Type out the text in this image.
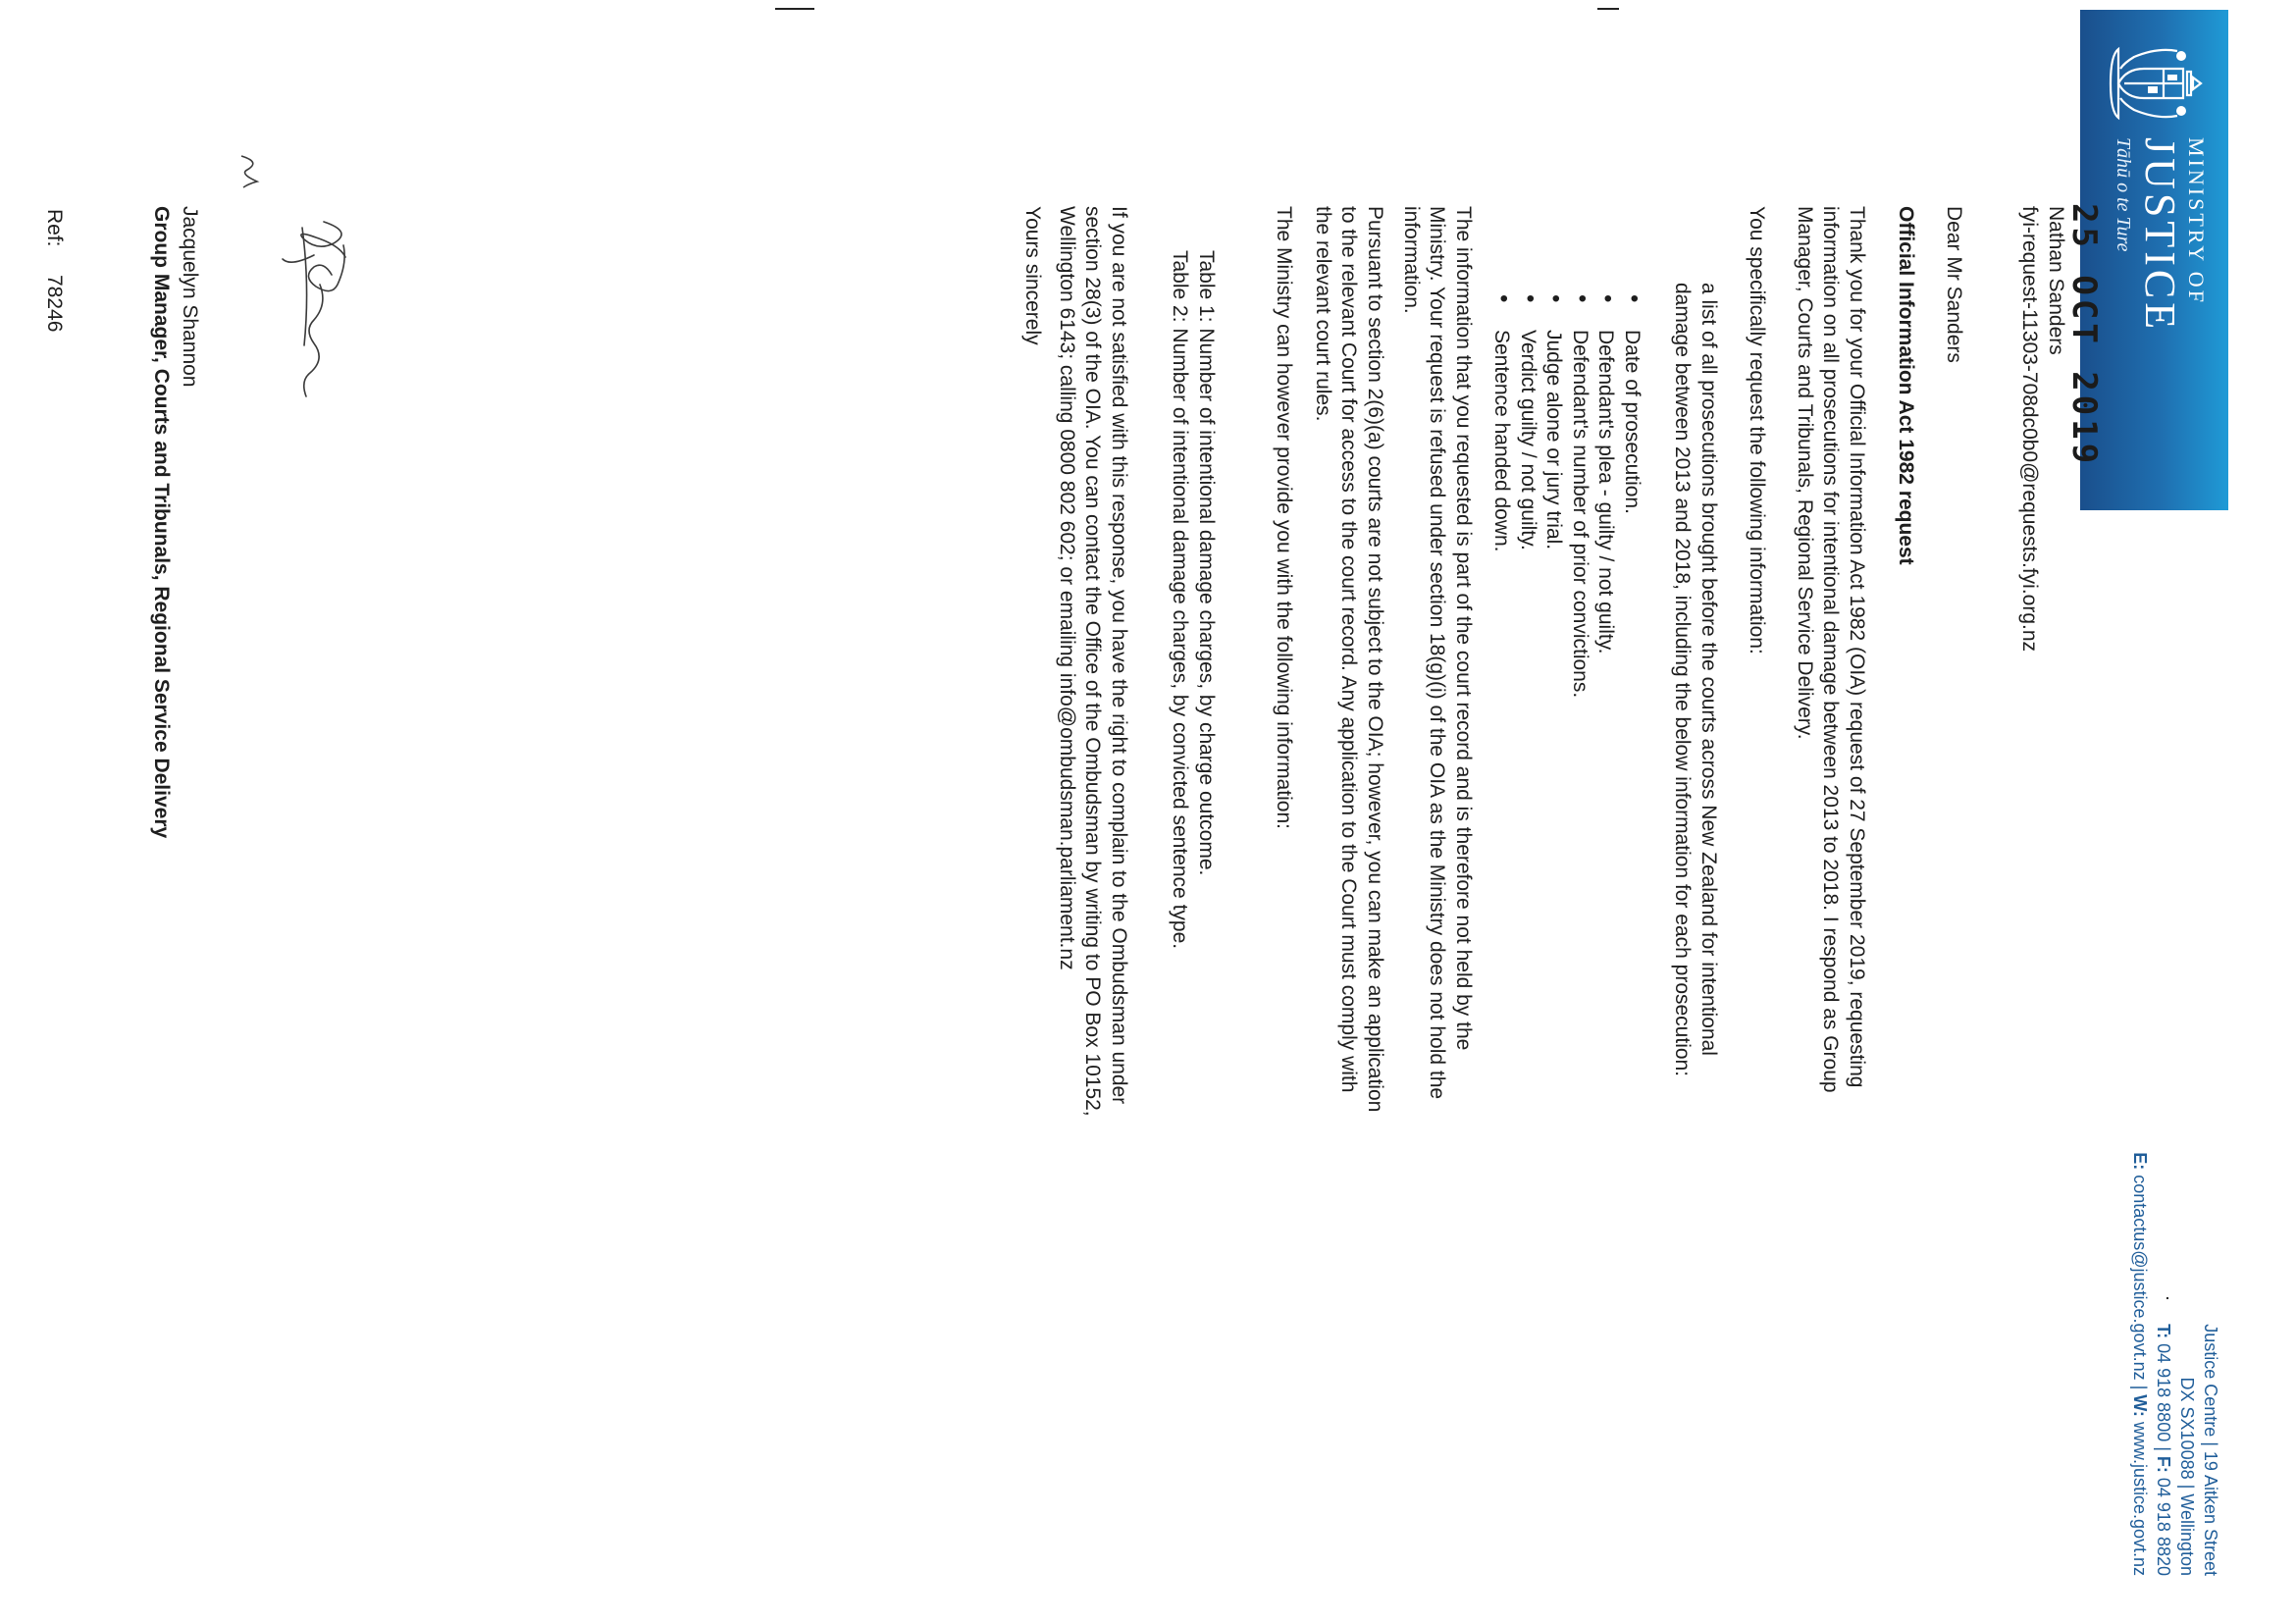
MINISTRY OF
JUSTICE
Tāhū o te Ture
Justice Centre | 19 Aitken Street
DX SX10088 | Wellington
T: 04 918 8800 | F: 04 918 8820
E: contactus@justice.govt.nz | W: www.justice.govt.nz
25 OCT 2019

Nathan Sanders

fyi-request-11303-708dc0b0@requests.fyi.org.nz

Dear Mr Sanders
Official Information Act 1982 request

Thank you for your Official Information Act 1982 (OIA) request of 27 September 2019, requesting

information on all prosecutions for intentional damage between 2013 to 2018. I respond as Group

Manager, Courts and Tribunals, Regional Service Delivery.

You specifically request the following information:

a list of all prosecutions brought before the courts across New Zealand for intentional

damage between 2013 and 2018, including the below information for each prosecution:

• Date of prosecution.
• Defendant's plea - guilty / not guilty.
• Defendant's number of prior convictions.
• Judge alone or jury trial.
• Verdict guilty / not guilty.
• Sentence handed down.

The information that you requested is part of the court record and is therefore not held by the

Ministry. Your request is refused under section 18(g)(i) of the OIA as the Ministry does not hold the

information.

Pursuant to section 2(6)(a) courts are not subject to the OIA; however, you can make an application

to the relevant Court for access to the court record. Any application to the Court must comply with

the relevant court rules.

The Ministry can however provide you with the following information:

Table 1: Number of intentional damage charges, by charge outcome.

Table 2: Number of intentional damage charges, by convicted sentence type.

If you are not satisfied with this response, you have the right to complain to the Ombudsman under

section 28(3) of the OIA. You can contact the Office of the Ombudsman by writing to PO Box 10152,

Wellington 6143; calling 0800 802 602; or emailing info@ombudsman.parliament.nz

Yours sincerely
Jacquelyn Shannon
Group Manager, Courts and Tribunals, Regional Service Delivery
Ref:
78246
